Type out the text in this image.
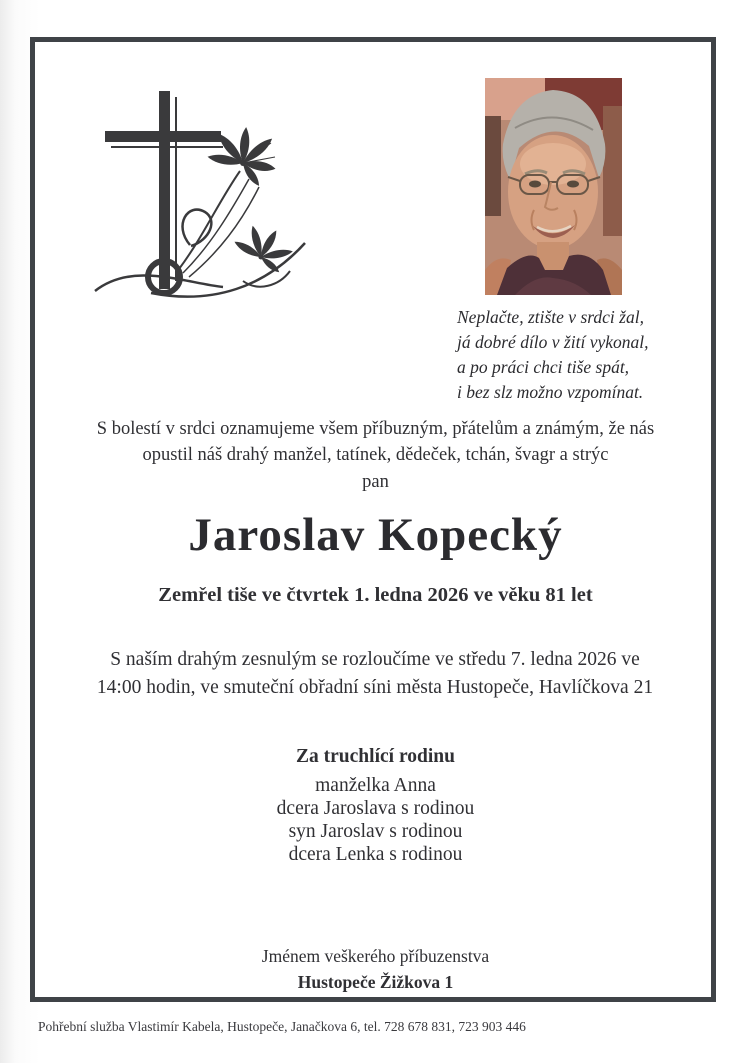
Neplačte, ztište v srdci žal,
já dobré dílo v žití vykonal,
a po práci chci tiše spát,
i bez slz možno vzpomínat.
S bolestí v srdci oznamujeme všem příbuzným, přátelům a známým, že nás
opustil náš drahý manžel, tatínek, dědeček, tchán, švagr a strýc
pan
Jaroslav Kopecký
Zemřel tiše ve čtvrtek 1. ledna 2026 ve věku 81 let
S naším drahým zesnulým se rozloučíme ve středu 7. ledna 2026 ve
14:00 hodin, ve smuteční obřadní síni města Hustopeče, Havlíčkova 21
Za truchlící rodinu
manželka Anna
dcera Jaroslava s rodinou
syn Jaroslav s rodinou
dcera Lenka s rodinou
Jménem veškerého příbuzenstva
Hustopeče Žižkova 1
Pohřební služba Vlastimír Kabela, Hustopeče, Janačkova 6, tel. 728 678 831, 723 903 446
